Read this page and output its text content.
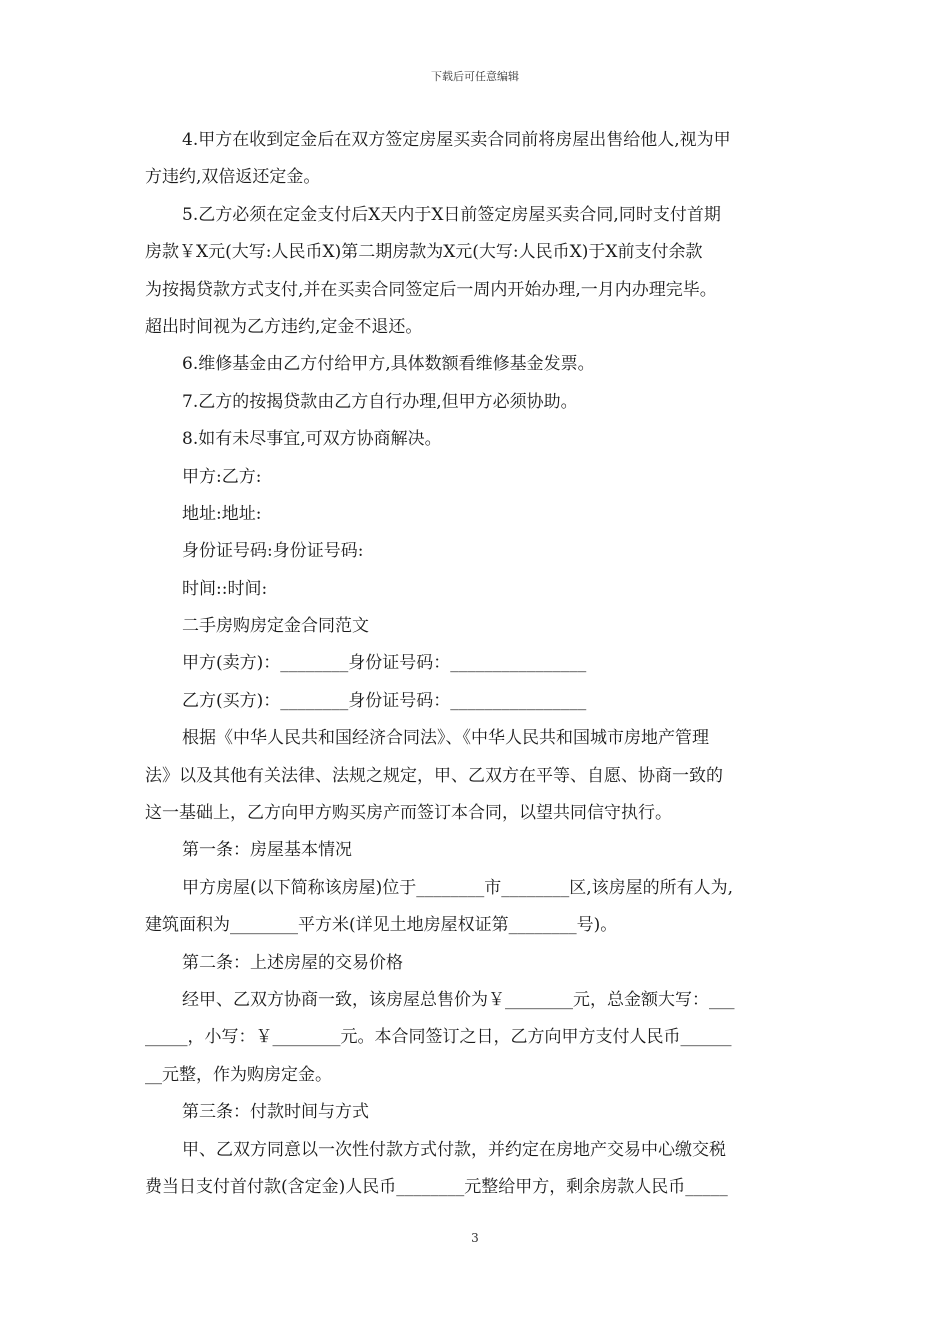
下载后可任意编辑
4.甲方在收到定金后在双方签定房屋买卖合同前将房屋出售给他人,视为甲
方违约,双倍返还定金。
5.乙方必须在定金支付后X天内于X日前签定房屋买卖合同,同时支付首期
房款￥X元(大写:人民币X)第二期房款为X元(大写:人民币X)于X前支付余款
为按揭贷款方式支付,并在买卖合同签定后一周内开始办理,一月内办理完毕。
超出时间视为乙方违约,定金不退还。
6.维修基金由乙方付给甲方,具体数额看维修基金发票。
7.乙方的按揭贷款由乙方自行办理,但甲方必须协助。
8.如有未尽事宜,可双方协商解决。
甲方:乙方:
地址:地址:
身份证号码:身份证号码:
时间::时间:
二手房购房定金合同范文
甲方(卖方)：________身份证号码：________________
乙方(买方)：________身份证号码：________________
根据《中华人民共和国经济合同法》、《中华人民共和国城市房地产管理
法》以及其他有关法律、法规之规定，甲、乙双方在平等、自愿、协商一致的
这一基础上，乙方向甲方购买房产而签订本合同，以望共同信守执行。
第一条：房屋基本情况
甲方房屋(以下简称该房屋)位于________市________区,该房屋的所有人为,
建筑面积为________平方米(详见土地房屋权证第________号)。
第二条：上述房屋的交易价格
经甲、乙双方协商一致，该房屋总售价为￥________元，总金额大写：___
_____，小写：￥________元。本合同签订之日，乙方向甲方支付人民币______
__元整，作为购房定金。
第三条：付款时间与方式
甲、乙双方同意以一次性付款方式付款，并约定在房地产交易中心缴交税
费当日支付首付款(含定金)人民币________元整给甲方，剩余房款人民币_____
3
